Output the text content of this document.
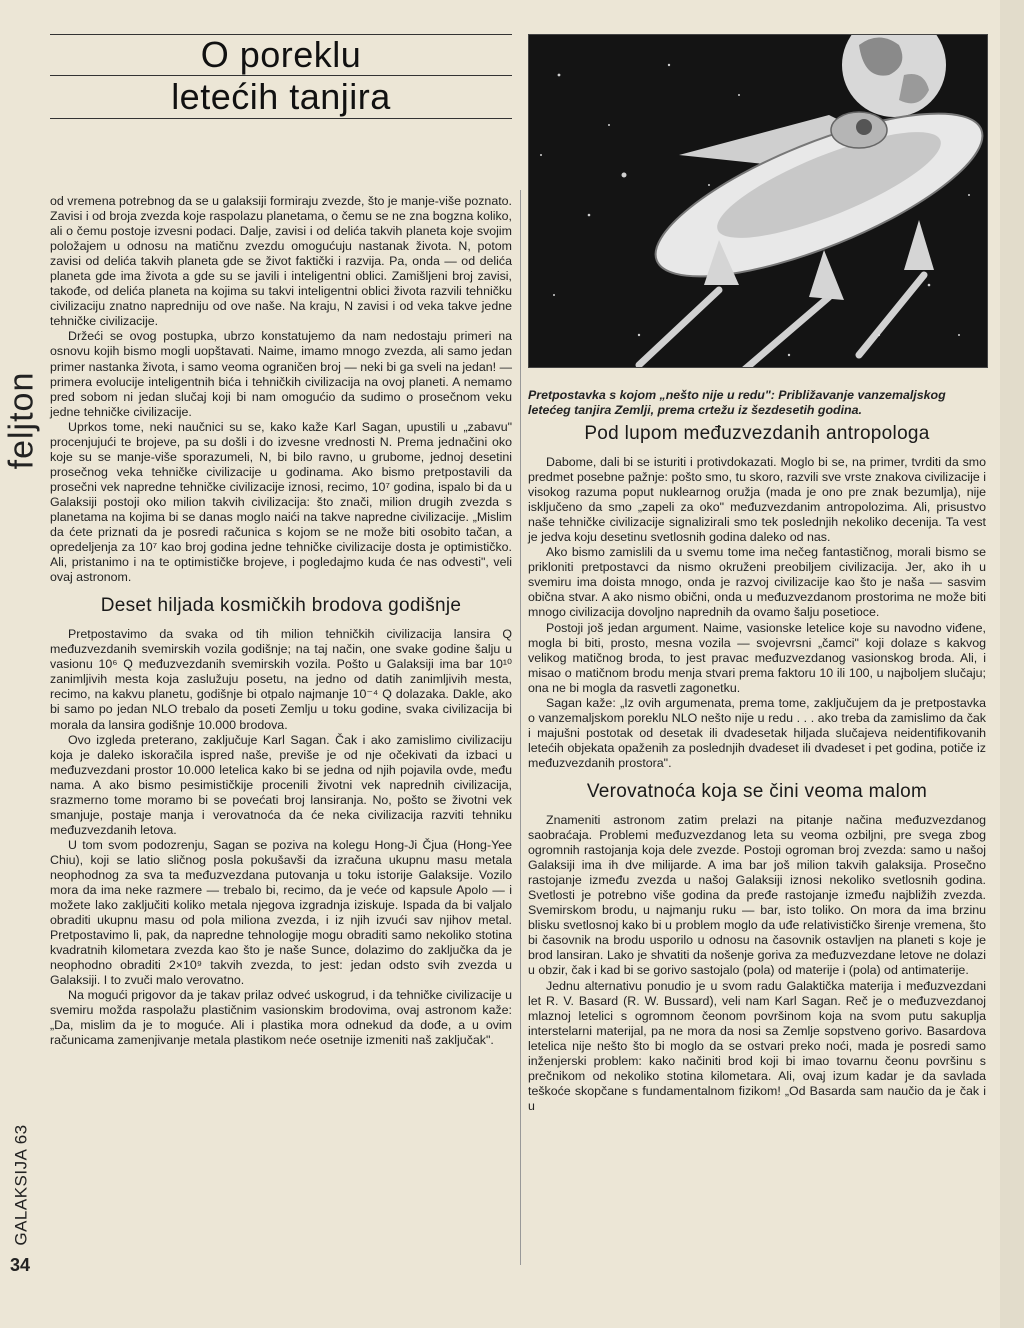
feljton
GALAKSIJA 63
34
O poreklu
letećih tanjira

od vremena potrebnog da se u galaksiji formiraju zvezde, što je manje-više poznato. Zavisi i od broja zvezda koje raspolazu planetama, o čemu se ne zna bogzna koliko, ali o čemu postoje izvesni podaci. Dalje, zavisi i od delića takvih planeta koje svojim položajem u odnosu na matičnu zvezdu omogućuju nastanak života. N, potom zavisi od delića takvih planeta gde se život faktički i razvija. Pa, onda — od delića planeta gde ima života a gde su se javili i inteligentni oblici. Zamišljeni broj zavisi, takođe, od delića planeta na kojima su takvi inteligentni oblici života razvili tehničku civilizaciju znatno napredniju od ove naše. Na kraju, N zavisi i od veka takve jedne tehničke civilizacije.

Držeći se ovog postupka, ubrzo konstatujemo da nam nedostaju primeri na osnovu kojih bismo mogli uopštavati. Naime, imamo mnogo zvezda, ali samo jedan primer nastanka života, i samo veoma ograničen broj — neki bi ga sveli na jedan! — primera evolucije inteligentnih bića i tehničkih civilizacija na ovoj planeti. A nemamo pred sobom ni jedan slučaj koji bi nam omogućio da sudimo o prosečnom veku jedne tehničke civilizacije.

Uprkos tome, neki naučnici su se, kako kaže Karl Sagan, upustili u „zabavu" procenjujući te brojeve, pa su došli i do izvesne vrednosti N. Prema jednačini oko koje su se manje-više sporazumeli, N, bi bilo ravno, u grubome, jednoj desetini prosečnog veka tehničke civilizacije u godinama. Ako bismo pretpostavili da prosečni vek napredne tehničke civilizacije iznosi, recimo, 10⁷ godina, ispalo bi da u Galaksiji postoji oko milion takvih civilizacija: što znači, milion drugih zvezda s planetama na kojima bi se danas moglo naići na takve napredne civilizacije. „Mislim da ćete priznati da je posredi računica s kojom se ne može biti osobito tačan, a opredeljenja za 10⁷ kao broj godina jedne tehničke civilizacije dosta je optimističko. Ali, pristanimo i na te optimističke brojeve, i pogledajmo kuda će nas odvesti", veli ovaj astronom.

Deset hiljada kosmičkih brodova godišnje

Pretpostavimo da svaka od tih milion tehničkih civilizacija lansira Q međuzvezdanih svemirskih vozila godišnje; na taj način, one svake godine šalju u vasionu 10⁶ Q međuzvezdanih svemirskih vozila. Pošto u Galaksiji ima bar 10¹⁰ zanimljivih mesta koja zaslužuju posetu, na jedno od datih zanimljivih mesta, recimo, na kakvu planetu, godišnje bi otpalo najmanje 10⁻⁴ Q dolazaka. Dakle, ako bi samo po jedan NLO trebalo da poseti Zemlju u toku godine, svaka civilizacija bi morala da lansira godišnje 10.000 brodova.

Ovo izgleda preterano, zaključuje Karl Sagan. Čak i ako zamislimo civilizaciju koja je daleko iskoračila ispred naše, previše je od nje očekivati da izbaci u međuzvezdani prostor 10.000 letelica kako bi se jedna od njih pojavila ovde, među nama. A ako bismo pesimističkije procenili životni vek naprednih civilizacija, srazmerno tome moramo bi se povećati broj lansiranja. No, pošto se životni vek smanjuje, postaje manja i verovatnoća da će neka civilizacija razviti tehniku međuzvezdanih letova.

U tom svom podozrenju, Sagan se poziva na kolegu Hong-Ji Čjua (Hong-Yee Chiu), koji se latio sličnog posla pokušavši da izračuna ukupnu masu metala neophodnog za sva ta međuzvezdana putovanja u toku istorije Galaksije. Vozilo mora da ima neke razmere — trebalo bi, recimo, da je veće od kapsule Apolo — i možete lako zaključiti koliko metala njegova izgradnja iziskuje. Ispada da bi valjalo obraditi ukupnu masu od pola miliona zvezda, i iz njih izvući sav njihov metal. Pretpostavimo li, pak, da napredne tehnologije mogu obraditi samo nekoliko stotina kvadratnih kilometara zvezda kao što je naše Sunce, dolazimo do zaključka da je neophodno obraditi 2×10⁹ takvih zvezda, to jest: jedan odsto svih zvezda u Galaksiji. I to zvuči malo verovatno.

Na mogući prigovor da je takav prilaz odveć uskogrud, i da tehničke civilizacije u svemiru možda raspolažu plastičnim vasionskim brodovima, ovaj astronom kaže: „Da, mislim da je to moguće. Ali i plastika mora odnekud da dođe, a u ovim računicama zamenjivanje metala plastikom neće osetnije izmeniti naš zaključak".

Pretpostavka s kojom „nešto nije u redu": Približavanje vanzemaljskog letećeg tanjira Zemlji, prema crtežu iz šezdesetih godina.
Pod lupom međuzvezdanih antropologa

Dabome, dali bi se isturiti i protivdokazati. Moglo bi se, na primer, tvrditi da smo predmet posebne pažnje: pošto smo, tu skoro, razvili sve vrste znakova civilizacije i visokog razuma poput nuklearnog oružja (mada je ono pre znak bezumlja), nije isključeno da smo „zapeli za oko" međuzvezdanim antropolozima. Ali, prisustvo naše tehničke civilizacije signalizirali smo tek poslednjih nekoliko decenija. Ta vest je jedva koju desetinu svetlosnih godina daleko od nas.

Ako bismo zamislili da u svemu tome ima nečeg fantastičnog, morali bismo se prikloniti pretpostavci da nismo okruženi preobiljem civilizacija. Jer, ako ih u svemiru ima doista mnogo, onda je razvoj civilizacije kao što je naša — sasvim obična stvar. A ako nismo obični, onda u međuzvezdanom prostorima ne može biti mnogo civilizacija dovoljno naprednih da ovamo šalju posetioce.

Postoji još jedan argument. Naime, vasionske letelice koje su navodno viđene, mogla bi biti, prosto, mesna vozila — svojevrsni „čamci" koji dolaze s kakvog velikog matičnog broda, to jest pravac međuzvezdanog vasionskog broda. Ali, i misao o matičnom brodu menja stvari prema faktoru 10 ili 100, u najboljem slučaju; ona ne bi mogla da rasvetli zagonetku.

Sagan kaže: „Iz ovih argumenata, prema tome, zaključujem da je pretpostavka o vanzemaljskom poreklu NLO nešto nije u redu . . . ako treba da zamislimo da čak i majušni postotak od desetak ili dvadesetak hiljada slučajeva neidentifikovanih letećih objekata opaženih za poslednjih dvadeset ili dvadeset i pet godina, potiče iz međuzvezdanih prostora".

Verovatnoća koja se čini veoma malom

Znameniti astronom zatim prelazi na pitanje načina međuzvezdanog saobraćaja. Problemi međuzvezdanog leta su veoma ozbiljni, pre svega zbog ogromnih rastojanja koja dele zvezde. Postoji ogroman broj zvezda: samo u našoj Galaksiji ima ih dve milijarde. A ima bar još milion takvih galaksija. Prosečno rastojanje između zvezda u našoj Galaksiji iznosi nekoliko svetlosnih godina. Svetlosti je potrebno više godina da pređe rastojanje između najbližih zvezda. Svemirskom brodu, u najmanju ruku — bar, isto toliko. On mora da ima brzinu blisku svetlosnoj kako bi u problem moglo da uđe relativističko širenje vremena, što bi časovnik na brodu usporilo u odnosu na časovnik ostavljen na planeti s koje je brod lansiran. Lako je shvatiti da nošenje goriva za međuzvezdane letove ne dolazi u obzir, čak i kad bi se gorivo sastojalo (pola) od materije i (pola) od antimaterije.

Jednu alternativu ponudio je u svom radu Galaktička materija i međuzvezdani let R. V. Basard (R. W. Bussard), veli nam Karl Sagan. Reč je o međuzvezdanoj mlaznoj letelici s ogromnom čeonom površinom koja na svom putu sakuplja interstelarni materijal, pa ne mora da nosi sa Zemlje sopstveno gorivo. Basardova letelica nije nešto što bi moglo da se ostvari preko noći, mada je posredi samo inženjerski problem: kako načiniti brod koji bi imao tovarnu čeonu površinu s prečnikom od nekoliko stotina kilometara. Ali, ovaj izum kadar je da savlada teškoće skopčane s fundamentalnom fizikom! „Od Basarda sam naučio da je čak i u
